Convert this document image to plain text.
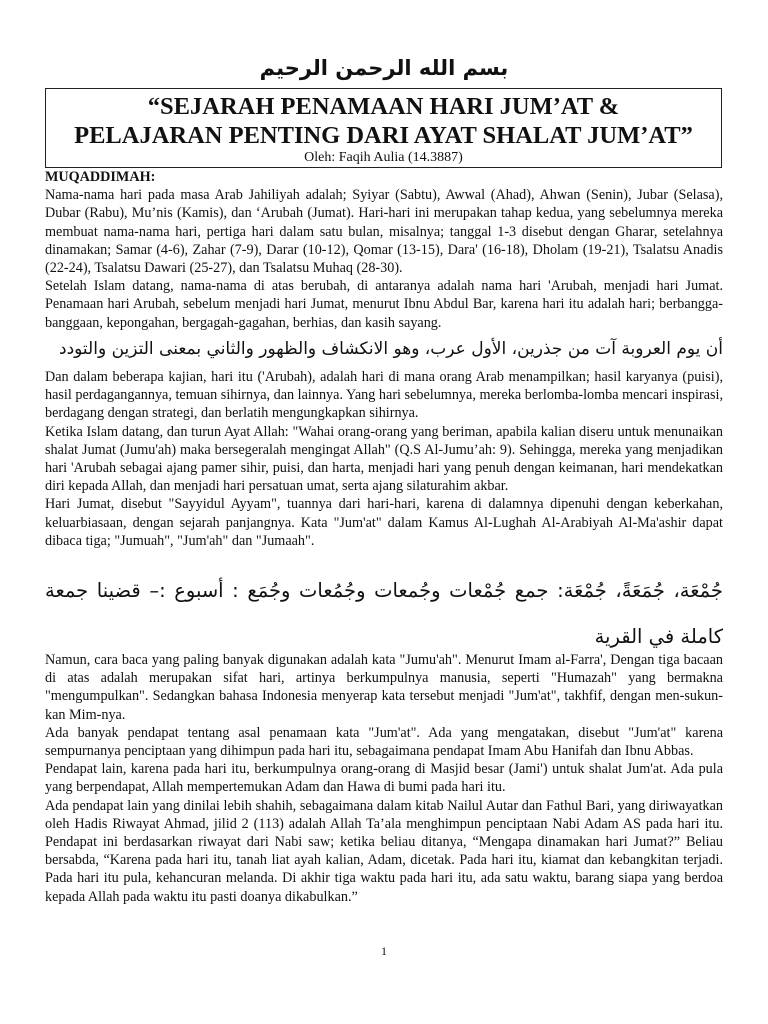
بسم الله الرحمن الرحيم
“SEJARAH PENAMAAN HARI JUM’AT &
PELAJARAN PENTING DARI AYAT SHALAT JUM’AT”
Oleh: Faqih Aulia (14.3887)

MUQADDIMAH:

Nama-nama hari pada masa Arab Jahiliyah adalah; Syiyar (Sabtu), Awwal (Ahad), Ahwan (Senin), Jubar (Selasa), Dubar (Rabu), Mu’nis (Kamis), dan ‘Arubah (Jumat). Hari-hari ini merupakan tahap kedua, yang sebelumnya mereka membuat nama-nama hari, pertiga hari dalam satu bulan, misalnya; tanggal 1-3 disebut dengan Gharar, setelahnya dinamakan; Samar (4-6), Zahar (7-9), Darar (10-12), Qomar (13-15), Dara' (16-18), Dholam (19-21), Tsalatsu Anadis (22-24), Tsalatsu Dawari (25-27), dan Tsalatsu Muhaq (28-30).

Setelah Islam datang, nama-nama di atas berubah, di antaranya adalah nama hari 'Arubah, menjadi hari Jumat. Penamaan hari Arubah, sebelum menjadi hari Jumat, menurut Ibnu Abdul Bar, karena hari itu adalah hari; berbangga-banggaan, kepongahan, bergagah-gagahan, berhias, dan kasih sayang.

أن يوم العروبة آت من جذرين، الأول عرب، وهو الانكشاف والظهور والثاني بمعنى التزين والتودد

Dan dalam beberapa kajian, hari itu ('Arubah), adalah hari di mana orang Arab menampilkan; hasil karyanya (puisi), hasil perdagangannya, temuan sihirnya, dan lainnya. Yang hari sebelumnya, mereka berlomba-lomba mencari inspirasi, berdagang dengan strategi, dan berlatih mengungkapkan sihirnya.

Ketika Islam datang, dan turun Ayat Allah: "Wahai orang-orang yang beriman, apabila kalian diseru untuk menunaikan shalat Jumat (Jumu'ah) maka bersegeralah mengingat Allah" (Q.S Al-Jumu’ah: 9). Sehingga, mereka yang menjadikan hari 'Arubah sebagai ajang pamer sihir, puisi, dan harta, menjadi hari yang penuh dengan keimanan, hari mendekatkan diri kepada Allah, dan menjadi hari persatuan umat, serta ajang silaturahim akbar.

Hari Jumat, disebut "Sayyidul Ayyam", tuannya dari hari-hari, karena di dalamnya dipenuhi dengan keberkahan, keluarbiasaan, dengan sejarah panjangnya. Kata "Jum'at" dalam Kamus Al-Lughah Al-Arabiyah Al-Ma'ashir dapat dibaca tiga; "Jumuah", "Jum'ah" dan "Jumaah".

جُمْعَة، جُمَعَةً، جُمْعَة: جمع جُمْعات وجُمعات وجُمُعات وجُمَع : أسبوع :– قضينا جمعة كاملة في القرية

Namun, cara baca yang paling banyak digunakan adalah kata "Jumu'ah". Menurut Imam al-Farra', Dengan tiga bacaan di atas adalah merupakan sifat hari, artinya berkumpulnya manusia, seperti "Humazah" yang bermakna "mengumpulkan". Sedangkan bahasa Indonesia menyerap kata tersebut menjadi "Jum'at", takhfif, dengan men-sukun-kan Mim-nya.

Ada banyak pendapat tentang asal penamaan kata "Jum'at". Ada yang mengatakan, disebut "Jum'at" karena sempurnanya penciptaan yang dihimpun pada hari itu, sebagaimana pendapat Imam Abu Hanifah dan Ibnu Abbas.

Pendapat lain, karena pada hari itu, berkumpulnya orang-orang di Masjid besar (Jami') untuk shalat Jum'at. Ada pula yang berpendapat, Allah mempertemukan Adam dan Hawa di bumi pada hari itu.

Ada pendapat lain yang dinilai lebih shahih, sebagaimana dalam kitab Nailul Autar dan Fathul Bari, yang diriwayatkan oleh Hadis Riwayat Ahmad, jilid 2 (113) adalah Allah Ta’ala menghimpun penciptaan Nabi Adam AS pada hari itu. Pendapat ini berdasarkan riwayat dari Nabi saw; ketika beliau ditanya, “Mengapa dinamakan hari Jumat?” Beliau bersabda, “Karena pada hari itu, tanah liat ayah kalian, Adam, dicetak. Pada hari itu, kiamat dan kebangkitan terjadi. Pada hari itu pula, kehancuran melanda. Di akhir tiga waktu pada hari itu, ada satu waktu, barang siapa yang berdoa kepada Allah pada waktu itu pasti doanya dikabulkan.”

1
